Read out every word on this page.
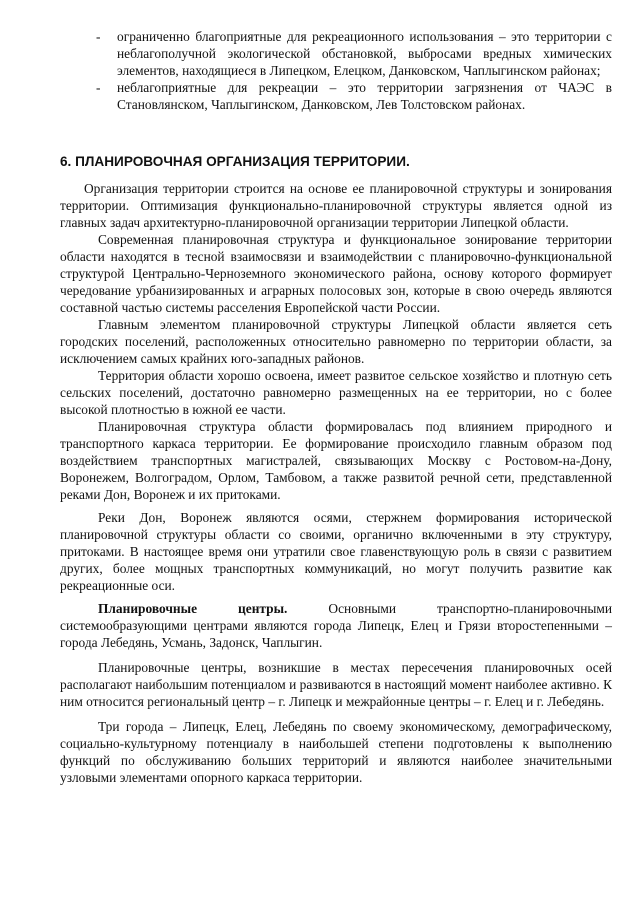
- ограниченно благоприятные для рекреационного использования – это территории с неблагополучной экологической обстановкой, выбросами вредных химических элементов, находящиеся в Липецком, Елецком, Данковском, Чаплыгинском районах;
- неблагоприятные для рекреации – это территории загрязнения от ЧАЭС в Становлянском, Чаплыгинском, Данковском, Лев Толстовском районах.
6. ПЛАНИРОВОЧНАЯ ОРГАНИЗАЦИЯ ТЕРРИТОРИИ.

Организация территории строится на основе ее планировочной структуры и зонирования территории. Оптимизация функционально-планировочной структуры является одной из главных задач архитектурно-планировочной организации территории Липецкой области.

Современная планировочная структура и функциональное зонирование территории области находятся в тесной взаимосвязи и взаимодействии с планировочно-функциональной структурой Центрально-Черноземного экономического района, основу которого формирует чередование урбанизированных и аграрных полосовых зон, которые в свою очередь являются составной частью системы расселения Европейской части России.

Главным элементом планировочной структуры Липецкой области является сеть городских поселений, расположенных относительно равномерно по территории области, за исключением самых крайних юго-западных районов.

Территория области хорошо освоена, имеет развитое сельское хозяйство и плотную сеть сельских поселений, достаточно равномерно размещенных на ее территории, но с более высокой плотностью в южной ее части.

Планировочная структура области формировалась под влиянием природного и транспортного каркаса территории. Ее формирование происходило главным образом под воздействием транспортных магистралей, связывающих Москву с Ростовом-на-Дону, Воронежем, Волгоградом, Орлом, Тамбовом, а также развитой речной сети, представленной реками Дон, Воронеж и их притоками.

Реки Дон, Воронеж являются осями, стержнем формирования исторической планировочной структуры области со своими, органично включенными в эту структуру, притоками. В настоящее время они утратили свое главенствующую роль в связи с развитием других, более мощных транспортных коммуникаций, но могут получить развитие как рекреационные оси.

Планировочные центры. Основными транспортно-планировочными системообразующими центрами являются города Липецк, Елец и Грязи второстепенными – города Лебедянь, Усмань, Задонск, Чаплыгин.

Планировочные центры, возникшие в местах пересечения планировочных осей располагают наибольшим потенциалом и развиваются в настоящий момент наиболее активно. К ним относится региональный центр – г. Липецк и межрайонные центры – г. Елец и г. Лебедянь.

Три города – Липецк, Елец, Лебедянь по своему экономическому, демографическому, социально-культурному потенциалу в наибольшей степени подготовлены к выполнению функций по обслуживанию больших территорий и являются наиболее значительными узловыми элементами опорного каркаса территории.
